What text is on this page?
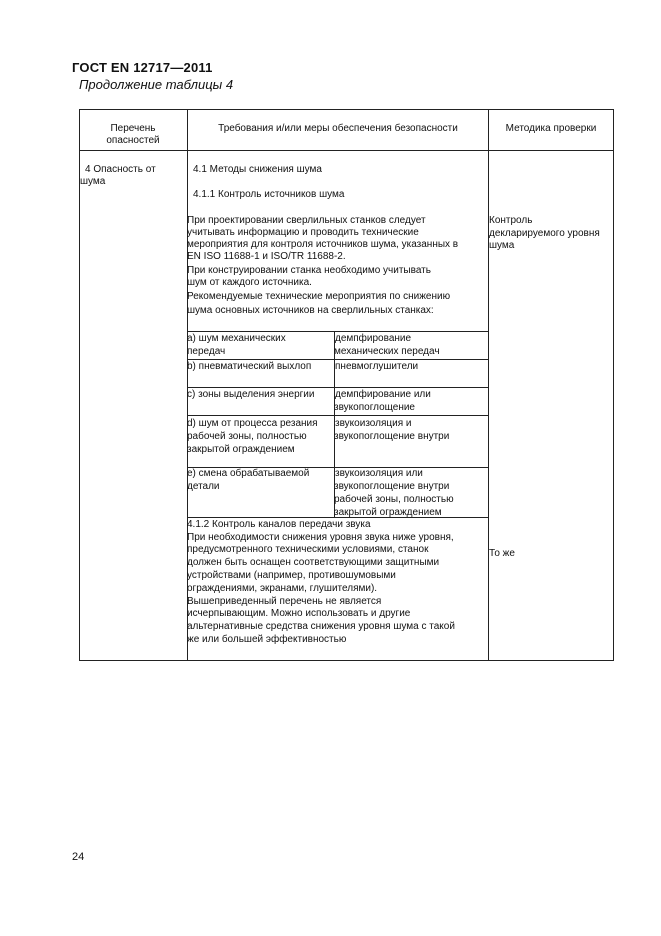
ГОСТ EN 12717—2011
Продолжение таблицы 4
Перечень опасностей
Требования и/или меры обеспечения безопасности	Методика проверки
4 Опасность от
шума
4.1 Методы снижения шума
4.1.1 Контроль источников шума
При проектировании сверлильных станков следует
учитывать информацию и проводить технические
мероприятия для контроля источников шума, указанных в
EN ISO 11688-1 и ISO/TR 11688-2.
При конструировании станка необходимо учитывать
шум от каждого источника.
Рекомендуемые технические мероприятия по снижению
шума основных источников на сверлильных станках:
Контроль
декларируемого уровня
шума
а) шум механических
передач
демпфирование
механических передач
b) пневматический выхлоп пневмоглушители
с) зоны выделения энергии демпфирование или
звукопоглощение
d) шум от процесса резания
рабочей зоны, полностью
закрытой ограждением
звукоизоляция и
звукопоглощение внутри
е) смена обрабатываемой
детали
звукоизоляция или
звукопоглощение внутри
рабочей зоны, полностью
закрытой ограждением
4.1.2 Контроль каналов передачи звука
При необходимости снижения уровня звука ниже уровня,
предусмотренного техническими условиями, станок
должен быть оснащен соответствующими защитными
устройствами (например, противошумовыми
ограждениями, экранами, глушителями).
Вышеприведенный перечень не является
исчерпывающим. Можно использовать и другие
альтернативные средства снижения уровня шума с такой
же или большей эффективностью
То же
24
